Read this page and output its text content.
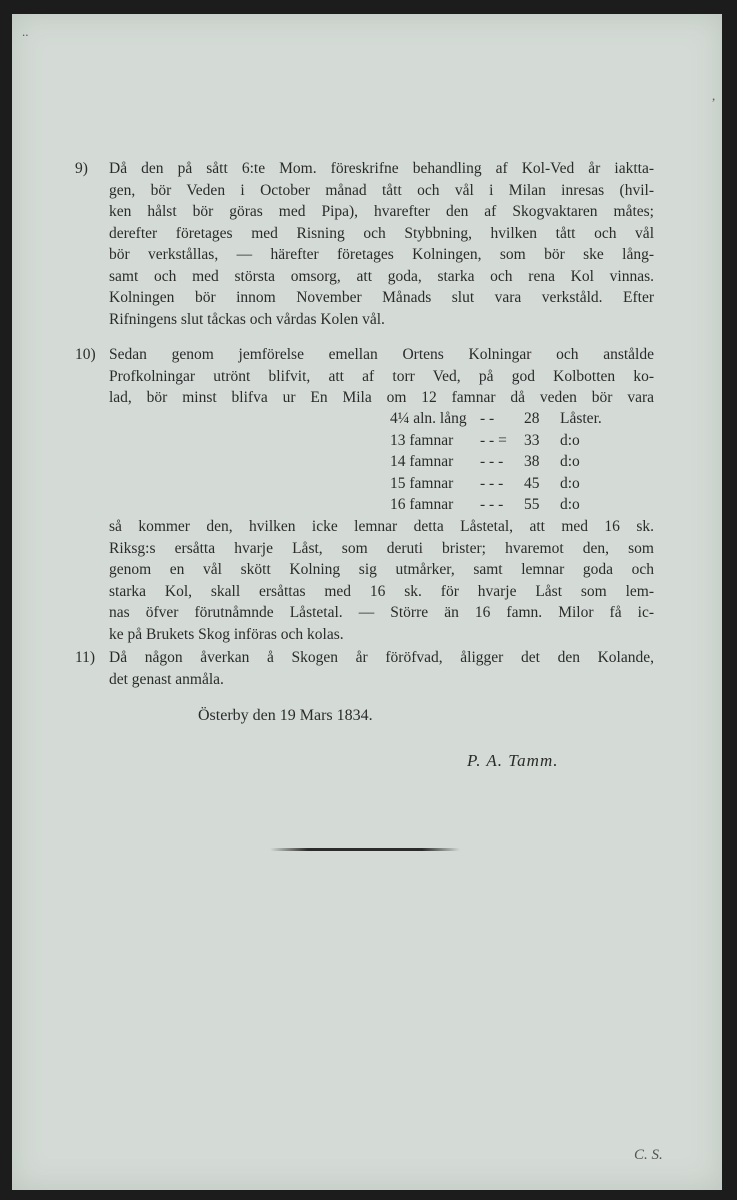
..
,
9) Då den på sått 6:te Mom. föreskrifne behandling af Kol-Ved år iaktta-
gen, bör Veden i October månad tått och vål i Milan inresas (hvil-
ken hålst bör göras med Pipa), hvarefter den af Skogvaktaren måtes;
derefter företages med Risning och Stybbning, hvilken tått och vål
bör verkstållas, — härefter företages Kolningen, som bör ske lång-
samt och med största omsorg, att goda, starka och rena Kol vinnas.
Kolningen bör innom November Månads slut vara verkståld. Efter
Rifningens slut tåckas och vårdas Kolen vål.
10) Sedan genom jemförelse emellan Ortens Kolningar och anstålde
Profkolningar utrönt blifvit, att af torr Ved, på god Kolbotten ko-
lad, bör minst blifva ur En Mila om 12 famnar då veden bör vara
4¼ aln. lång - - 28 Låster.
13 famnar - - = 33 d:o
14 famnar - - - 38 d:o
15 famnar - - - 45 d:o
16 famnar - - - 55 d:o
så kommer den, hvilken icke lemnar detta Låstetal, att med 16 sk.
Riksg:s ersåtta hvarje Låst, som deruti brister; hvaremot den, som
genom en vål skött Kolning sig utmårker, samt lemnar goda och
starka Kol, skall ersåttas med 16 sk. för hvarje Låst som lem-
nas öfver förutnåmnde Låstetal. — Större än 16 famn. Milor få ic-
ke på Brukets Skog införas och kolas.
11) Då någon åverkan å Skogen år föröfvad, åligger det den Kolande,
det genast anmåla.
Österby den 19 Mars 1834.
P. A. Tamm.
C. S.
